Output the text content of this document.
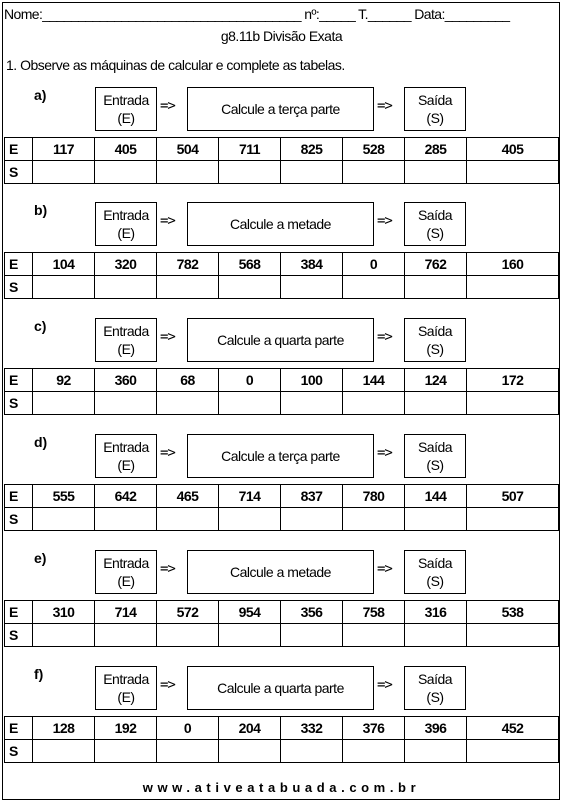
Nome:____________________________________ nº:_____ T.______ Data:_________
g8.11b Divisão Exata
1. Observe as máquinas de calcular e complete as tabelas.
a)	Entrada
(E)
=>	Calcule a terça parte	=> Saída
(S)
E	117	405	504	711	825	528	285	405
S								
b)	Entrada
(E)
=>	Calcule a metade	=> Saída
(S)
E	104	320	782	568	384	0	762	160
S								
c)	Entrada
(E)
=>	Calcule a quarta parte	=> Saída
(S)
E	92	360	68	0	100	144	124	172
S								
d)	Entrada
(E)
=>	Calcule a terça parte	=> Saída
(S)
E	555	642	465	714	837	780	144	507
S								
e)	Entrada
(E)
=>	Calcule a metade	=> Saída
(S)
E	310	714	572	954	356	758	316	538
S								
f)	Entrada
(E)
=>	Calcule a quarta parte	=> Saída
(S)
E	128	192	0	204	332	376	396	452
S								
www.ativeatabuada.com.br
